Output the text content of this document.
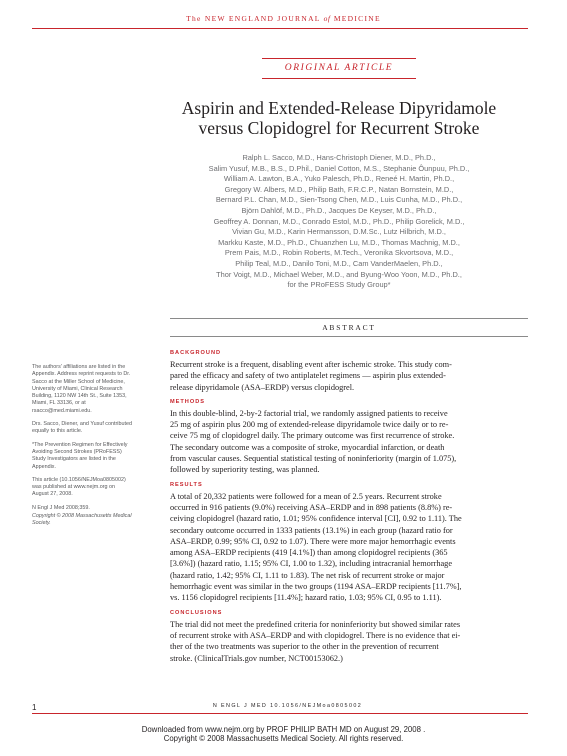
The NEW ENGLAND JOURNAL of MEDICINE
ORIGINAL ARTICLE
Aspirin and Extended-Release Dipyridamole
versus Clopidogrel for Recurrent Stroke
Ralph L. Sacco, M.D., Hans-Christoph Diener, M.D., Ph.D.,
Salim Yusuf, M.B., B.S., D.Phil., Daniel Cotton, M.S., Stephanie Ôunpuu, Ph.D.,
William A. Lawton, B.A., Yuko Palesch, Ph.D., Reneé H. Martin, Ph.D.,
Gregory W. Albers, M.D., Philip Bath, F.R.C.P., Natan Bornstein, M.D.,
Bernard P.L. Chan, M.D., Sien-Tsong Chen, M.D., Luis Cunha, M.D., Ph.D.,
Björn Dahlöf, M.D., Ph.D., Jacques De Keyser, M.D., Ph.D.,
Geoffrey A. Donnan, M.D., Conrado Estol, M.D., Ph.D., Philip Gorelick, M.D.,
Vivian Gu, M.D., Karin Hermansson, D.M.Sc., Lutz Hilbrich, M.D.,
Markku Kaste, M.D., Ph.D., Chuanzhen Lu, M.D., Thomas Machnig, M.D.,
Prem Pais, M.D., Robin Roberts, M.Tech., Veronika Skvortsova, M.D.,
Philip Teal, M.D., Danilo Toni, M.D., Cam VanderMaelen, Ph.D.,
Thor Voigt, M.D., Michael Weber, M.D., and Byung-Woo Yoon, M.D., Ph.D.,
for the PRoFESS Study Group*
ABSTRACT

The authors' affiliations are listed in the Appendix. Address reprint requests to Dr. Sacco at the Miller School of Medicine, University of Miami, Clinical Research Building, 1120 NW 14th St., Suite 1353, Miami, FL 33136, or at rsacco@med.miami.edu.

Drs. Sacco, Diener, and Yusuf contributed equally to this article.

*The Prevention Regimen for Effectively Avoiding Second Strokes (PRoFESS) Study Investigators are listed in the Appendix.

This article (10.1056/NEJMoa0805002) was published at www.nejm.org on August 27, 2008.

N Engl J Med 2008;359.

Copyright © 2008 Massachusetts Medical Society.

BACKGROUND
Recurrent stroke is a frequent, disabling event after ischemic stroke. This study com-
pared the efficacy and safety of two antiplatelet regimens — aspirin plus extended-
release dipyridamole (ASA–ERDP) versus clopidogrel.
METHODS
In this double-blind, 2-by-2 factorial trial, we randomly assigned patients to receive
25 mg of aspirin plus 200 mg of extended-release dipyridamole twice daily or to re-
ceive 75 mg of clopidogrel daily. The primary outcome was first recurrence of stroke.
The secondary outcome was a composite of stroke, myocardial infarction, or death
from vascular causes. Sequential statistical testing of noninferiority (margin of 1.075),
followed by superiority testing, was planned.
RESULTS
A total of 20,332 patients were followed for a mean of 2.5 years. Recurrent stroke
occurred in 916 patients (9.0%) receiving ASA–ERDP and in 898 patients (8.8%) re-
ceiving clopidogrel (hazard ratio, 1.01; 95% confidence interval [CI], 0.92 to 1.11). The
secondary outcome occurred in 1333 patients (13.1%) in each group (hazard ratio for
ASA–ERDP, 0.99; 95% CI, 0.92 to 1.07). There were more major hemorrhagic events
among ASA–ERDP recipients (419 [4.1%]) than among clopidogrel recipients (365
[3.6%]) (hazard ratio, 1.15; 95% CI, 1.00 to 1.32), including intracranial hemorrhage
(hazard ratio, 1.42; 95% CI, 1.11 to 1.83). The net risk of recurrent stroke or major
hemorrhagic event was similar in the two groups (1194 ASA–ERDP recipients [11.7%],
vs. 1156 clopidogrel recipients [11.4%]; hazard ratio, 1.03; 95% CI, 0.95 to 1.11).
CONCLUSIONS
The trial did not meet the predefined criteria for noninferiority but showed similar rates
of recurrent stroke with ASA–ERDP and with clopidogrel. There is no evidence that ei-
ther of the two treatments was superior to the other in the prevention of recurrent
stroke. (ClinicalTrials.gov number, NCT00153062.)
1	N ENGL J MED 10.1056/NEJMoa0805002
Downloaded from www.nejm.org by PROF PHILIP BATH MD on August 29, 2008 .
Copyright © 2008 Massachusetts Medical Society. All rights reserved.
